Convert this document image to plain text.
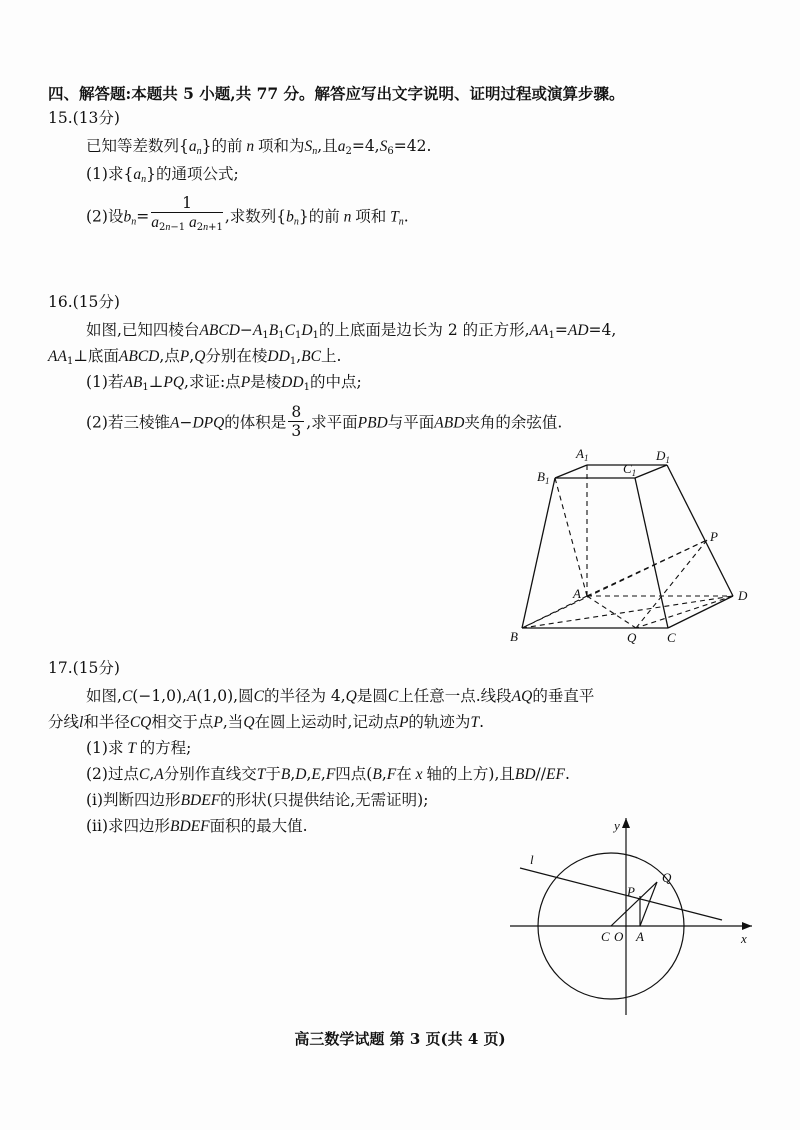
四、解答题:本题共 5 小题,共 77 分。解答应写出文字说明、证明过程或演算步骤。
15.(13分)
已知等差数列$\{a_n\}$的前 n 项和为$S_n$,且$a_2=4,S_6=42$.
(1)求$\{a_n\}$的通项公式;
(2)设$b_n= \frac{1}{a_{2n-1} a_{2n+1}}$ ,求数列$\{b_n\}$的前 n 项和 $T_n$.
16.(15分)
如图,已知四棱台$ABCD-A_1B_1C_1D_1$的上底面是边长为 2 的正方形$,AA_1=AD=4$,
$AA_1\perp$底面ABCD,点P,Q分别在棱$DD_1,BC$上.
(1)若$AB_1\perp PQ$,求证:点P是棱$DD_1$的中点;
(2)若三棱锥A−DPQ的体积是 $\frac{8}{3}$ ,求平面PBD与平面ABD夹角的余弦值.
$A_1$
$B_1$
$C_1$
$D_1$
A
B	C
D
P
Q
17.(15分)
如图,C(−1,0),A(1,0),圆C的半径为 4,Q是圆C上任意一点.线段AQ的垂直平
分线l和半径CQ相交于点P,当Q在圆上运动时,记动点P的轨迹为T.
(1)求 T 的方程;
(2)过点C,A分别作直线交T于B,D,E,F四点(B,F在 x 轴的上方),且BD//EF.
(i)判断四边形BDEF的形状(只提供结论,无需证明);
(ii)求四边形BDEF面积的最大值.	y
x
l
Q
P
C O A
高三数学试题 第 3 页(共 4 页)
